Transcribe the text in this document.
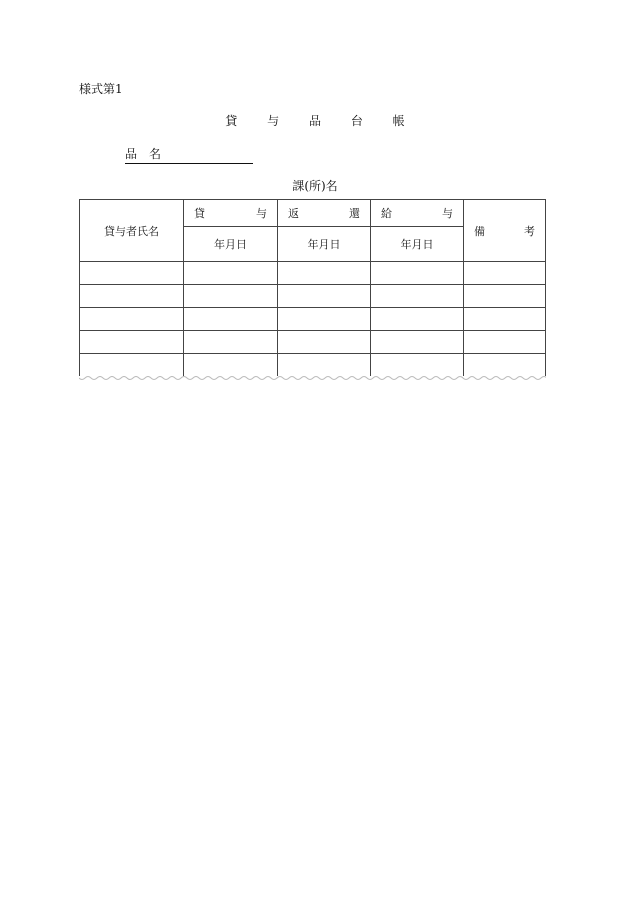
様式第1
貸 与 品 台 帳
品 名
課(所)名
貸与者氏名	貸 与	返 還	給 与	備 考

	年月日	年月日	年月日	
